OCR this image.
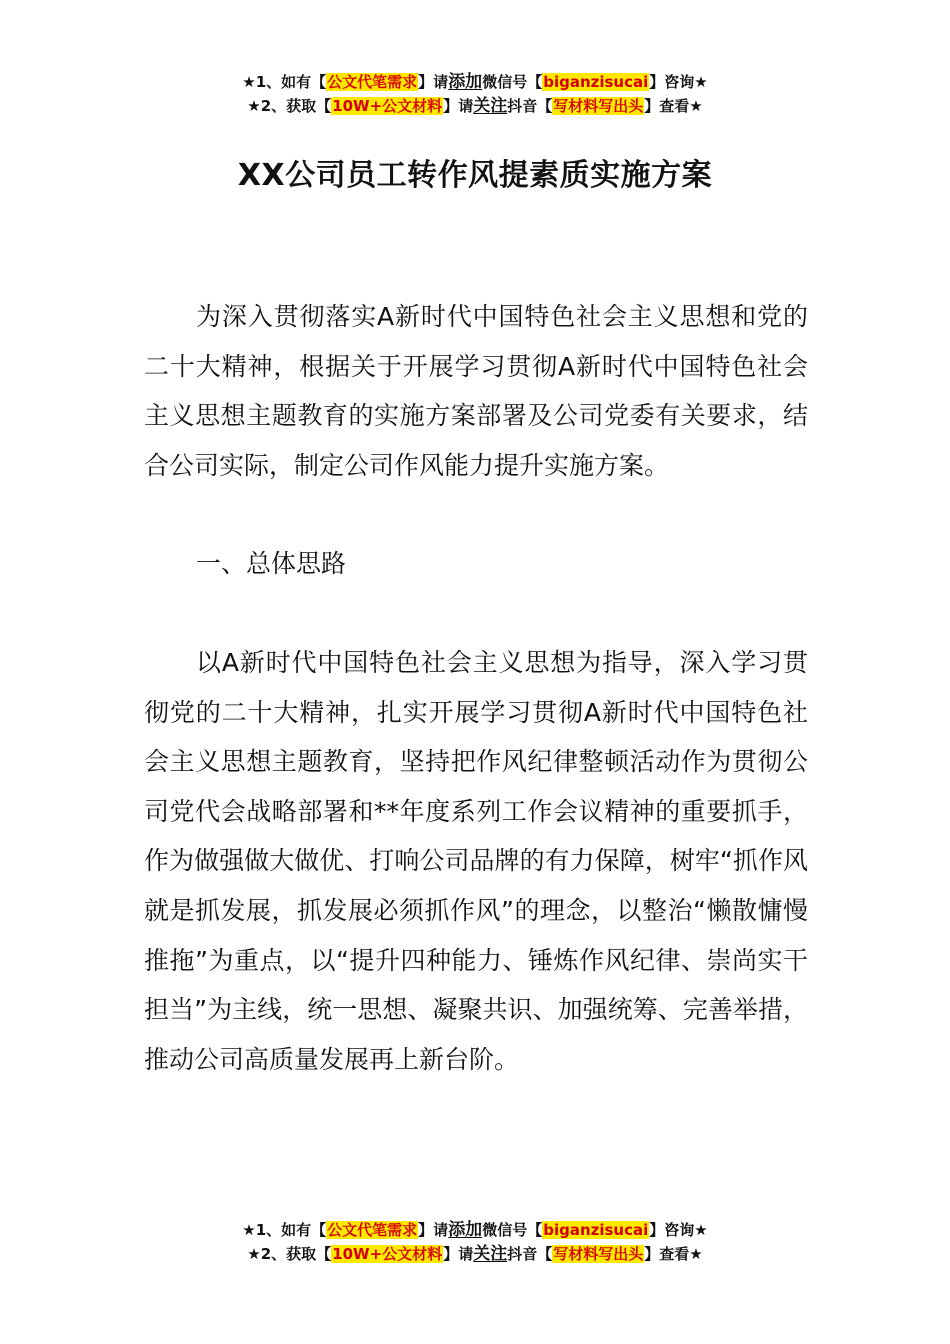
★1、如有【公文代笔需求】请添加微信号【biganzisucai】咨询★
★2、获取【10W+公文材料】请关注抖音【写材料写出头】查看★
XX公司员工转作风提素质实施方案

为深入贯彻落实A新时代中国特色社会主义思想和党的二十大精神，根据关于开展学习贯彻A新时代中国特色社会主义思想主题教育的实施方案部署及公司党委有关要求，结合公司实际，制定公司作风能力提升实施方案。

一、总体思路

以A新时代中国特色社会主义思想为指导，深入学习贯彻党的二十大精神，扎实开展学习贯彻A新时代中国特色社会主义思想主题教育，坚持把作风纪律整顿活动作为贯彻公司党代会战略部署和**年度系列工作会议精神的重要抓手，作为做强做大做优、打响公司品牌的有力保障，树牢“抓作风就是抓发展，抓发展必须抓作风”的理念，以整治“懒散慵慢推拖”为重点，以“提升四种能力、锤炼作风纪律、崇尚实干担当”为主线，统一思想、凝聚共识、加强统筹、完善举措，推动公司高质量发展再上新台阶。

★1、如有【公文代笔需求】请添加微信号【biganzisucai】咨询★
★2、获取【10W+公文材料】请关注抖音【写材料写出头】查看★
